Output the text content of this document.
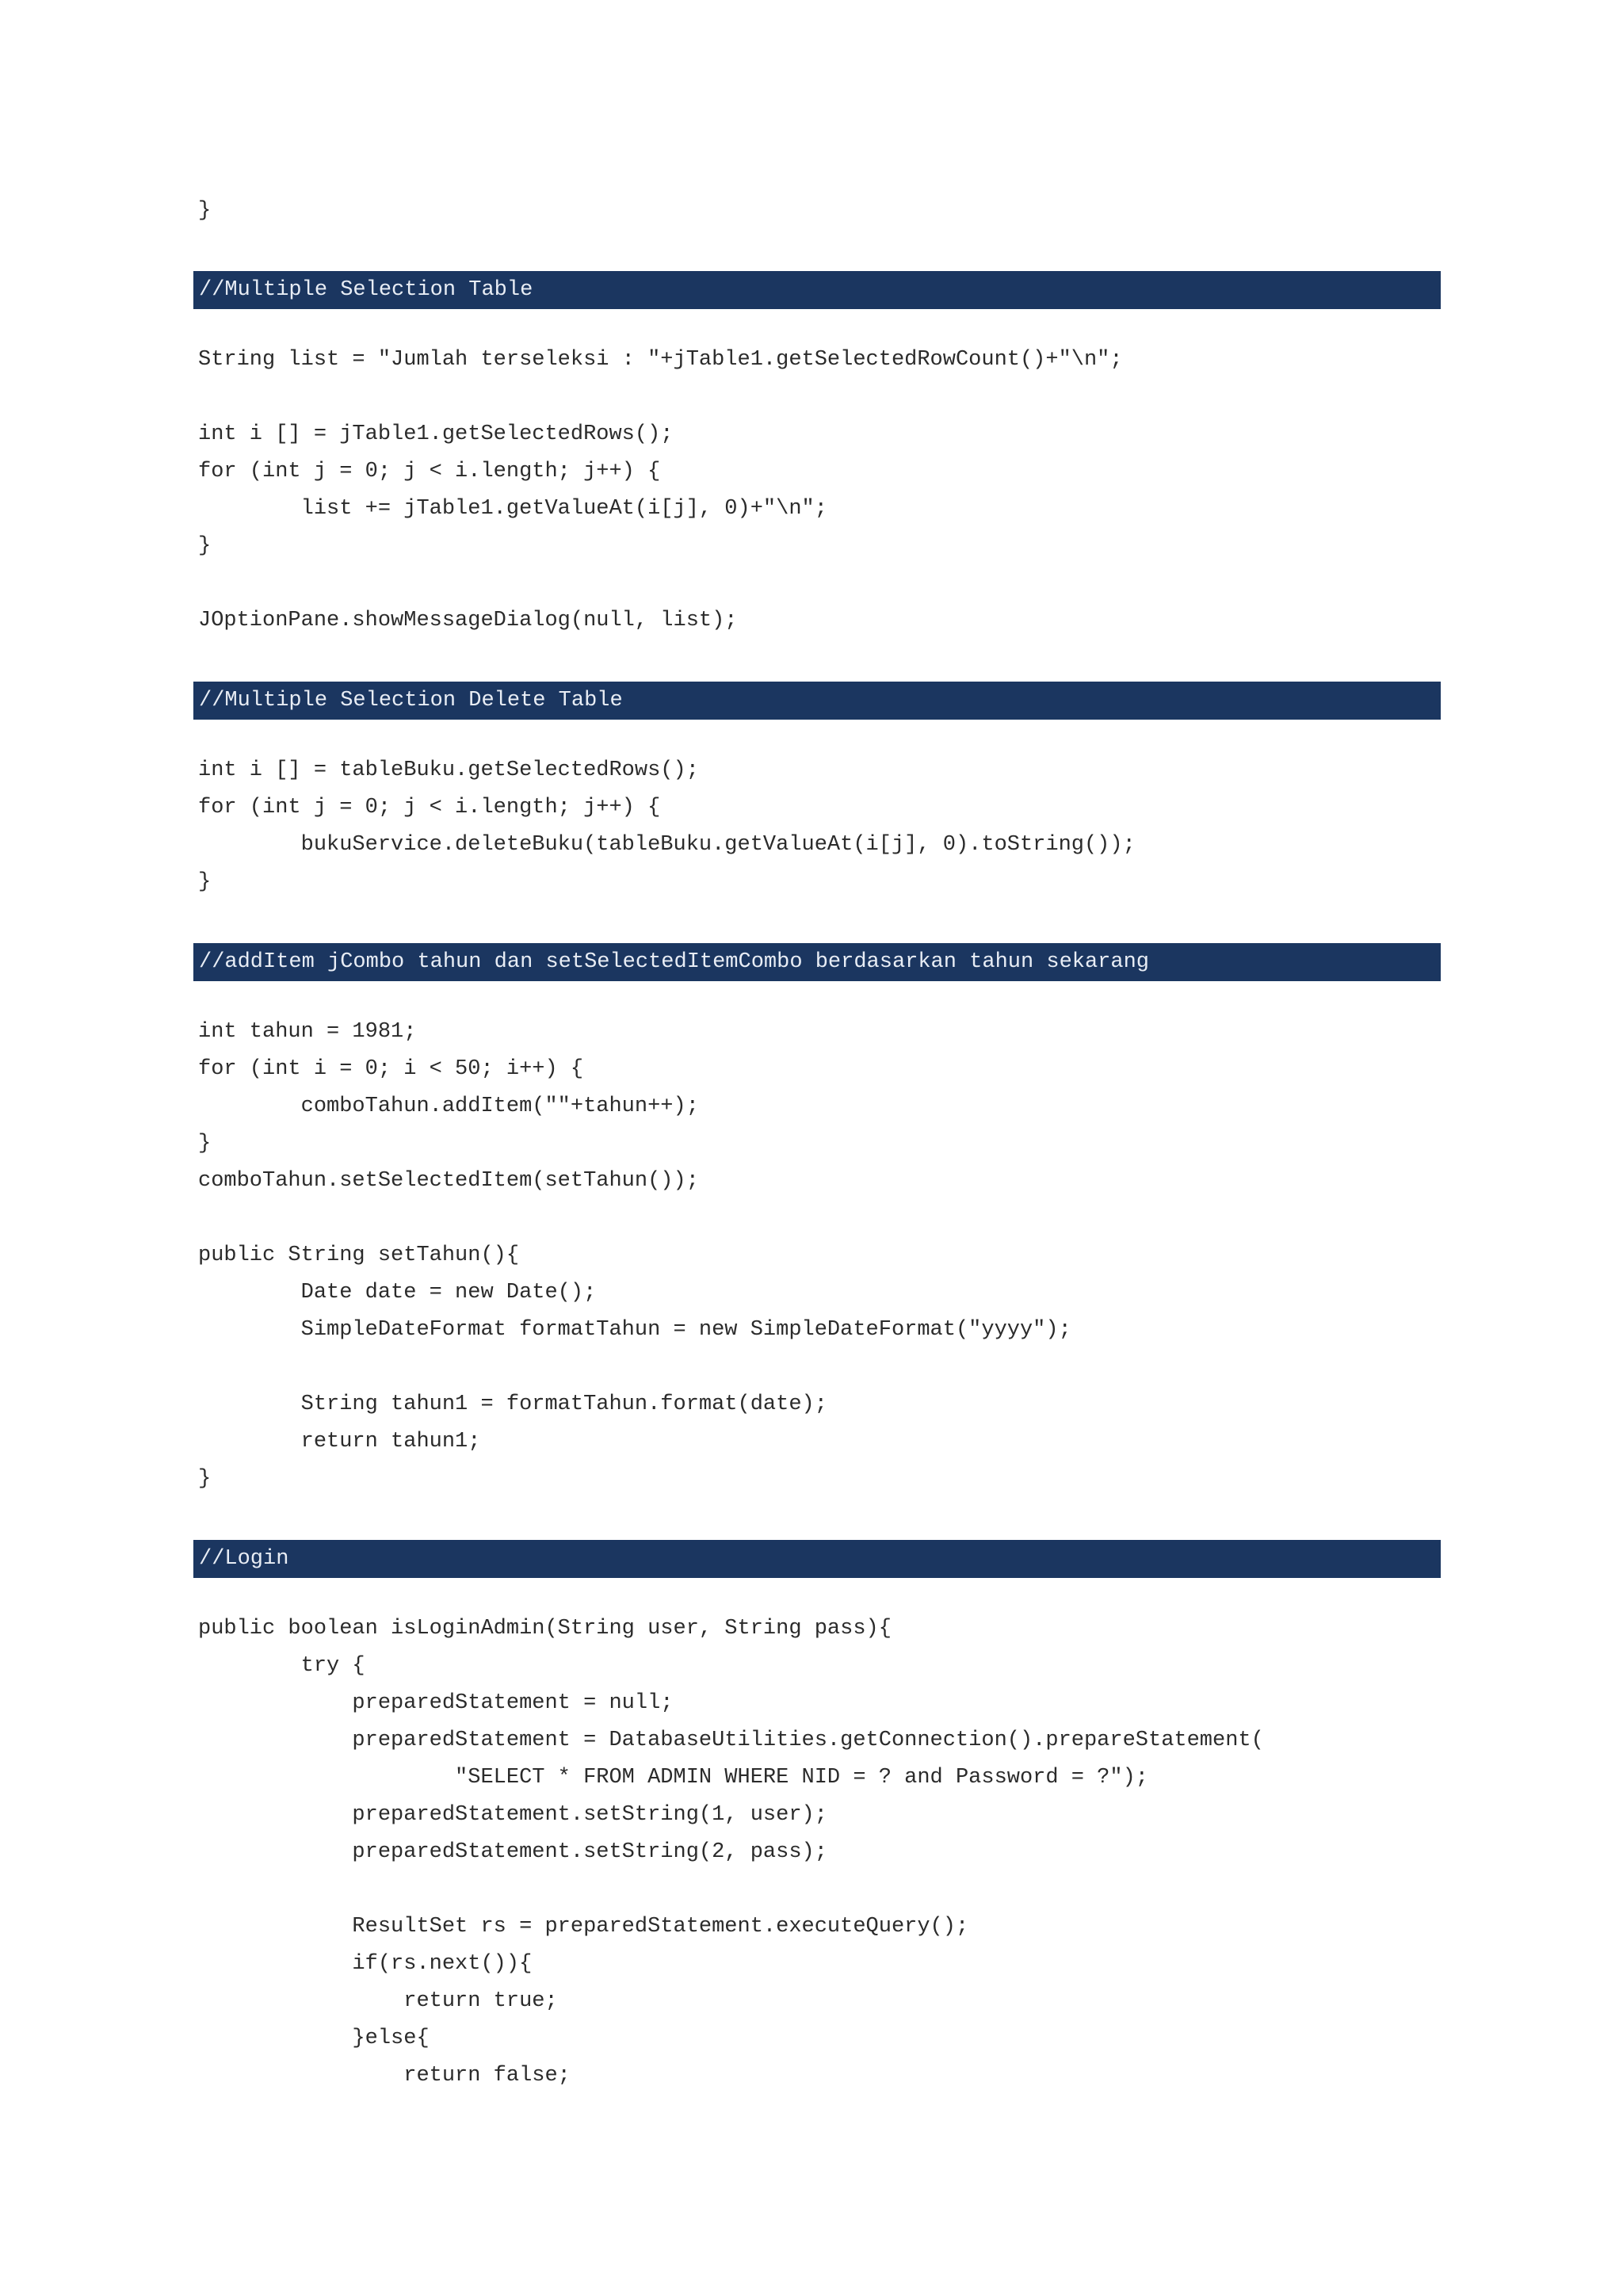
}
//Multiple Selection Table
String list = "Jumlah terseleksi : "+jTable1.getSelectedRowCount()+"\n";
int i [] = jTable1.getSelectedRows();
for (int j = 0; j < i.length; j++) {
list += jTable1.getValueAt(i[j], 0)+"\n";
}
JOptionPane.showMessageDialog(null, list);
//Multiple Selection Delete Table
int i [] = tableBuku.getSelectedRows();
for (int j = 0; j < i.length; j++) {
bukuService.deleteBuku(tableBuku.getValueAt(i[j], 0).toString());
}
//addItem jCombo tahun dan setSelectedItemCombo berdasarkan tahun sekarang
int tahun = 1981;
for (int i = 0; i < 50; i++) {
comboTahun.addItem(""+tahun++);
}
comboTahun.setSelectedItem(setTahun());
public String setTahun(){
Date date = new Date();
SimpleDateFormat formatTahun = new SimpleDateFormat("yyyy");
String tahun1 = formatTahun.format(date);
return tahun1;
}
//Login
public boolean isLoginAdmin(String user, String pass){
try {
preparedStatement = null;
preparedStatement = DatabaseUtilities.getConnection().prepareStatement(
"SELECT * FROM ADMIN WHERE NID = ? and Password = ?");
preparedStatement.setString(1, user);
preparedStatement.setString(2, pass);
ResultSet rs = preparedStatement.executeQuery();
if(rs.next()){
return true;
}else{
return false;
